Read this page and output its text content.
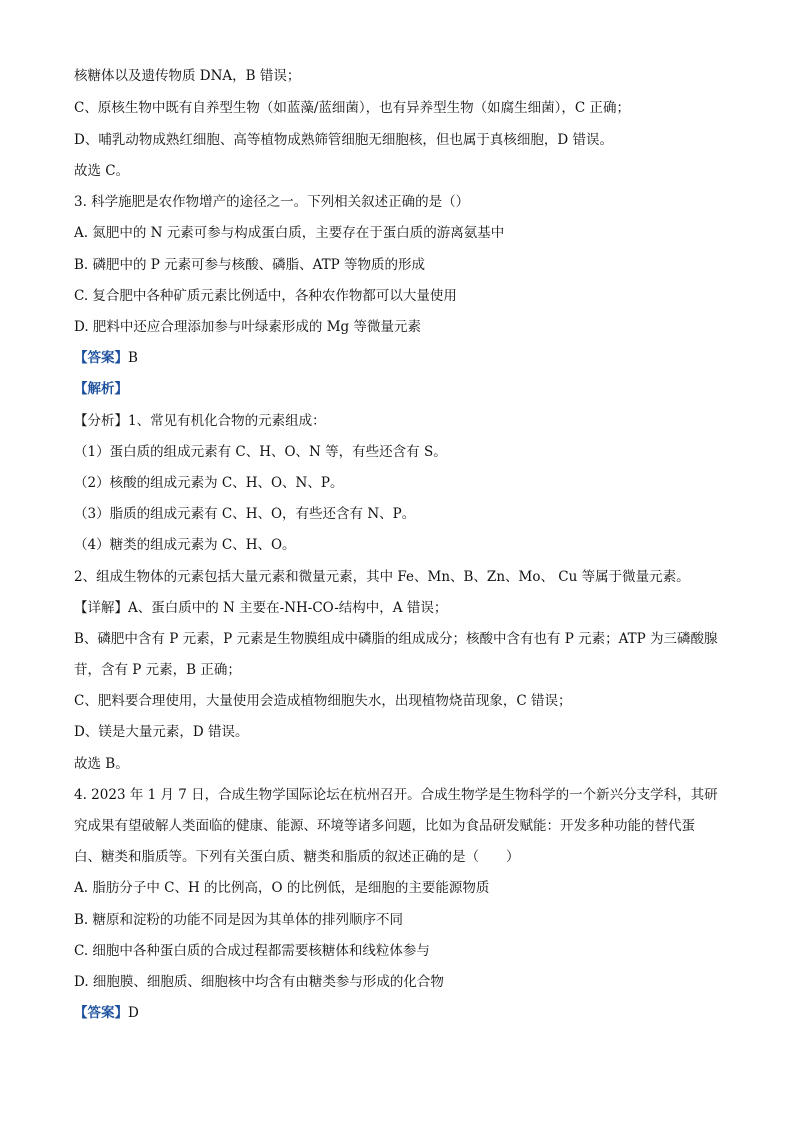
核糖体以及遗传物质 DNA，B 错误；
C、原核生物中既有自养型生物（如蓝藻/蓝细菌），也有异养型生物（如腐生细菌），C 正确；
D、哺乳动物成熟红细胞、高等植物成熟筛管细胞无细胞核，但也属于真核细胞，D 错误。
故选 C。
3. 科学施肥是农作物增产的途径之一。下列相关叙述正确的是（）
A. 氮肥中的 N 元素可参与构成蛋白质，主要存在于蛋白质的游离氨基中
B. 磷肥中的 P 元素可参与核酸、磷脂、ATP 等物质的形成
C. 复合肥中各种矿质元素比例适中，各种农作物都可以大量使用
D. 肥料中还应合理添加参与叶绿素形成的 Mg 等微量元素
【答案】B
【解析】
【分析】1、常见有机化合物的元素组成：
（1）蛋白质的组成元素有 C、H、O、N 等，有些还含有 S。
（2）核酸的组成元素为 C、H、O、N、P。
（3）脂质的组成元素有 C、H、O，有些还含有 N、P。
（4）糖类的组成元素为 C、H、O。
2、组成生物体的元素包括大量元素和微量元素，其中 Fe、Mn、B、Zn、Mo、 Cu 等属于微量元素。
【详解】A、蛋白质中的 N 主要在-NH-CO-结构中，A 错误；
B、磷肥中含有 P 元素，P 元素是生物膜组成中磷脂的组成成分；核酸中含有也有 P 元素；ATP 为三磷酸腺
苷，含有 P 元素，B 正确；
C、肥料要合理使用，大量使用会造成植物细胞失水，出现植物烧苗现象，C 错误；
D、镁是大量元素，D 错误。
故选 B。
4. 2023 年 1 月 7 日，合成生物学国际论坛在杭州召开。合成生物学是生物科学的一个新兴分支学科，其研
究成果有望破解人类面临的健康、能源、环境等诸多问题，比如为食品研发赋能：开发多种功能的替代蛋
白、糖类和脂质等。下列有关蛋白质、糖类和脂质的叙述正确的是（　　）
A. 脂肪分子中 C、H 的比例高，O 的比例低，是细胞的主要能源物质
B. 糖原和淀粉的功能不同是因为其单体的排列顺序不同
C. 细胞中各种蛋白质的合成过程都需要核糖体和线粒体参与
D. 细胞膜、细胞质、细胞核中均含有由糖类参与形成的化合物
【答案】D
